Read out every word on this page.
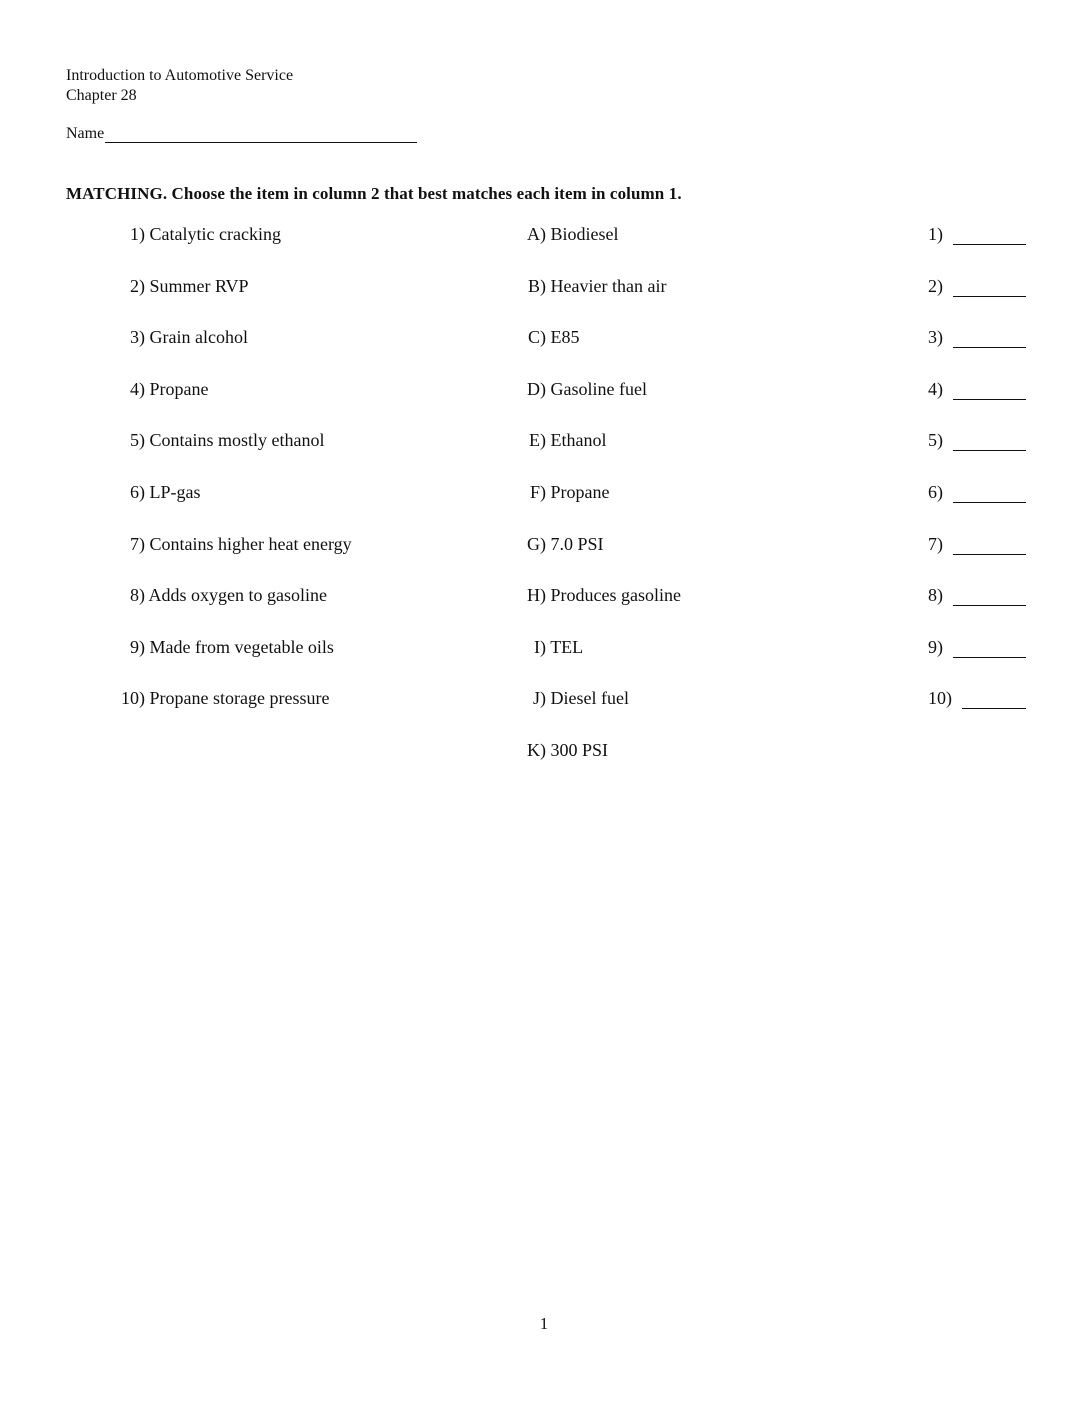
Introduction to Automotive Service
Chapter 28
Name
MATCHING. Choose the item in column 2 that best matches each item in column 1.
1) Catalytic cracking	A) Biodiesel	1)
2) Summer RVP	B) Heavier than air	2)
3) Grain alcohol	C) E85	3)
4) Propane	D) Gasoline fuel	4)
5) Contains mostly ethanol	E) Ethanol	5)
6) LP-gas	F) Propane	6)
7) Contains higher heat energy	G) 7.0 PSI	7)
8) Adds oxygen to gasoline	H) Produces gasoline	8)
9) Made from vegetable oils	I) TEL	9)
10) Propane storage pressure	J) Diesel fuel	10)
K) 300 PSI
1
